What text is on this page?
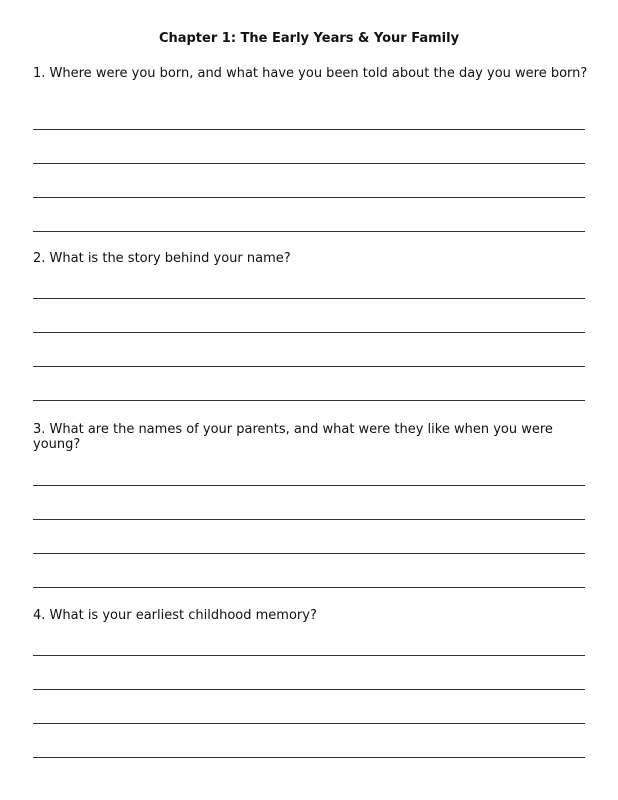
Chapter 1: The Early Years & Your Family
1. Where were you born, and what have you been told about the day you were born?
2. What is the story behind your name?
3. What are the names of your parents, and what were they like when you were young?
4. What is your earliest childhood memory?
